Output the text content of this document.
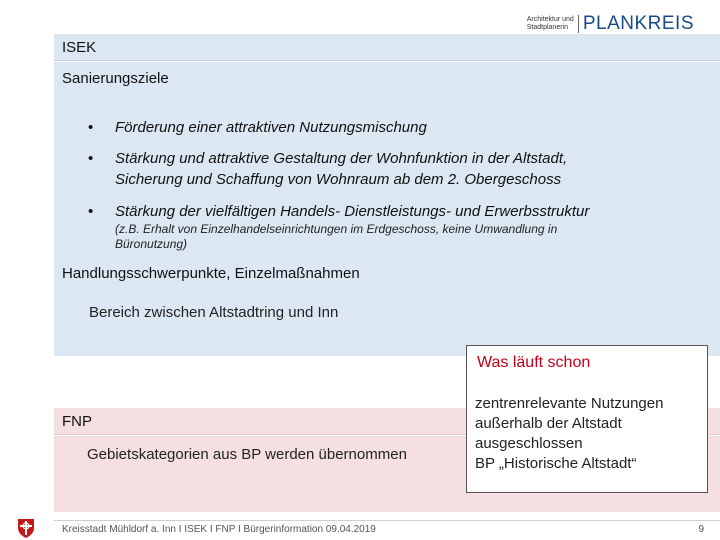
Architektur und
Stadtplanerin PLANKREIS
ISEK
Sanierungsziele
• Förderung einer attraktiven Nutzungsmischung
• Stärkung und attraktive Gestaltung der Wohnfunktion in der Altstadt,
Sicherung und Schaffung von Wohnraum ab dem 2. Obergeschoss
• Stärkung der vielfältigen Handels- Dienstleistungs- und Erwerbsstruktur
(z.B. Erhalt von Einzelhandelseinrichtungen im Erdgeschoss, keine Umwandlung in
Büronutzung)
Handlungsschwerpunkte, Einzelmaßnahmen
Bereich zwischen Altstadtring und Inn
FNP
Gebietskategorien aus BP werden übernommen
Was läuft schon
zentrenrelevante Nutzungen
außerhalb der Altstadt
ausgeschlossen
BP „Historische Altstadt“
Kreisstadt Mühldorf a. Inn I ISEK I FNP I Bürgerinformation 09.04.2019	9
